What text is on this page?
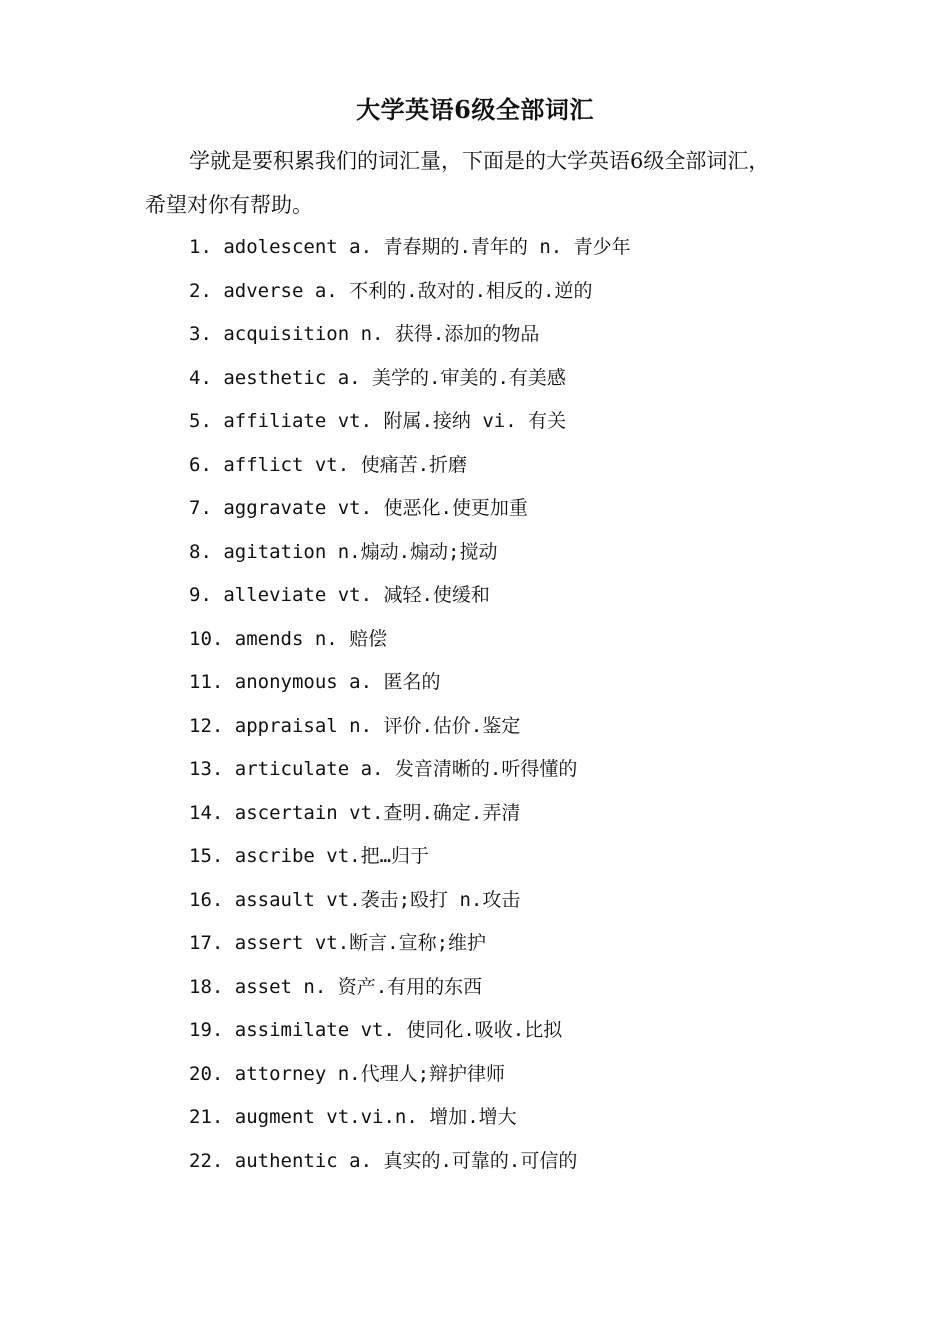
大学英语6级全部词汇
学就是要积累我们的词汇量，下面是的大学英语6级全部词汇，希望对你有帮助。
1. adolescent a. 青春期的.青年的 n. 青少年
2. adverse a. 不利的.敌对的.相反的.逆的
3. acquisition n. 获得.添加的物品
4. aesthetic a. 美学的.审美的.有美感
5. affiliate vt. 附属.接纳 vi. 有关
6. afflict vt. 使痛苦.折磨
7. aggravate vt. 使恶化.使更加重
8. agitation n.煽动.煽动;搅动
9. alleviate vt. 减轻.使缓和
10. amends n. 赔偿
11. anonymous a. 匿名的
12. appraisal n. 评价.估价.鉴定
13. articulate a. 发音清晰的.听得懂的
14. ascertain vt.查明.确定.弄清
15. ascribe vt.把…归于
16. assault vt.袭击;殴打 n.攻击
17. assert vt.断言.宣称;维护
18. asset n. 资产.有用的东西
19. assimilate vt. 使同化.吸收.比拟
20. attorney n.代理人;辩护律师
21. augment vt.vi.n. 增加.增大
22. authentic a. 真实的.可靠的.可信的
